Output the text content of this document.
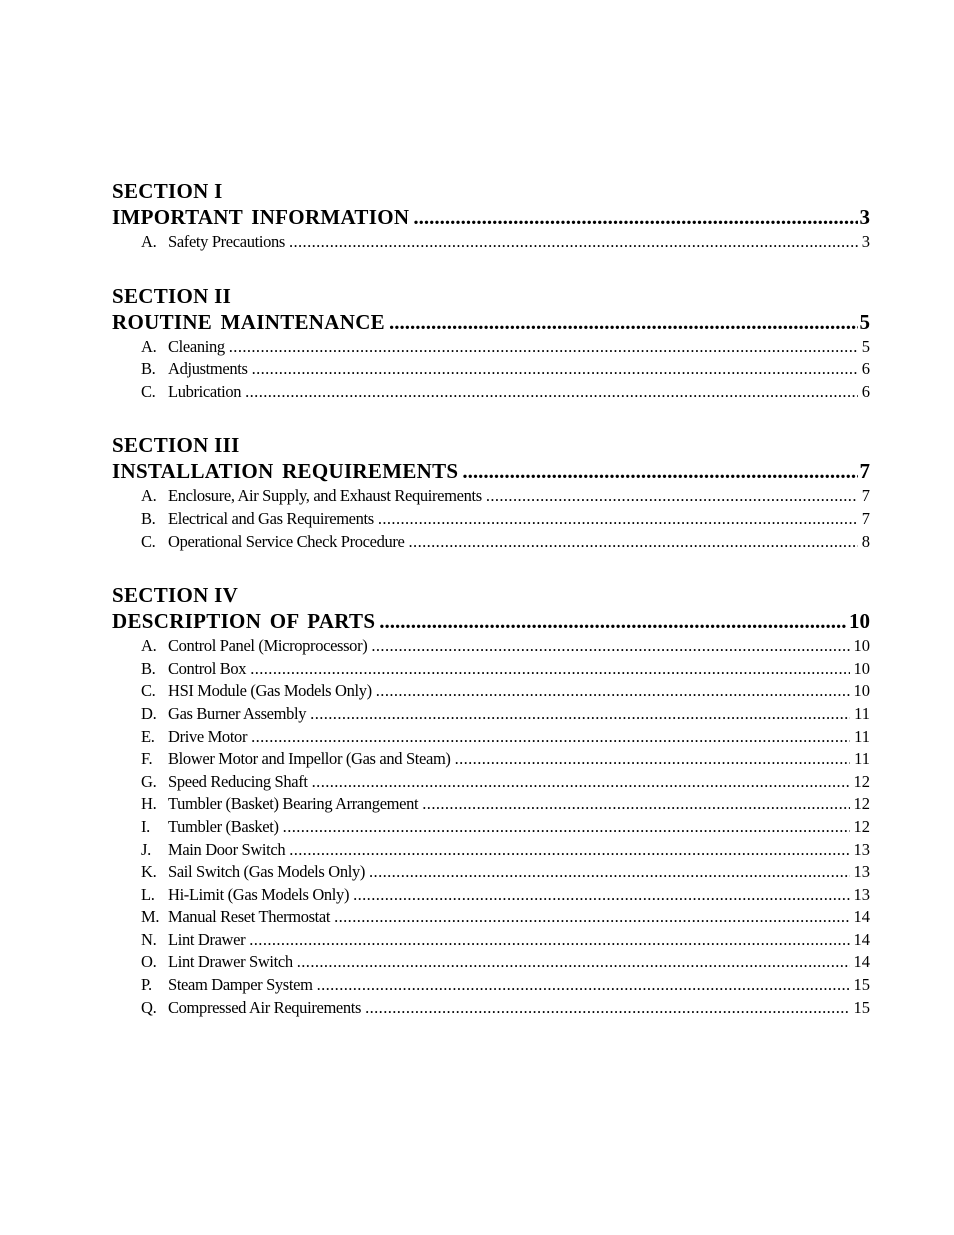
SECTION I
IMPORTANT INFORMATION .....	3
A. Safety Precautions .....	3
SECTION II
ROUTINE MAINTENANCE .....	5
A. Cleaning .....	5
B. Adjustments .....	6
C. Lubrication .....	6
SECTION III
INSTALLATION REQUIREMENTS .....	7
A. Enclosure, Air Supply, and Exhaust Requirements .....	7
B. Electrical and Gas Requirements .....	7
C. Operational Service Check Procedure .....	8
SECTION IV
DESCRIPTION OF PARTS .....	10
A. Control Panel (Microprocessor) .....	10
B. Control Box .....	10
C. HSI Module (Gas Models Only) .....	10
D. Gas Burner Assembly .....	11
E. Drive Motor .....	11
F. Blower Motor and Impellor (Gas and Steam) .....	11
G. Speed Reducing Shaft .....	12
H. Tumbler (Basket) Bearing Arrangement .....	12
I.	Tumbler (Basket) .....	12
J.	Main Door Switch .....	13
K. Sail Switch (Gas Models Only) .....	13
L. Hi-Limit (Gas Models Only) .....	13
M. Manual Reset Thermostat .....	14
N. Lint Drawer .....	14
O. Lint Drawer Switch .....	14
P. Steam Damper System .....	15
Q. Compressed Air Requirements .....	15
